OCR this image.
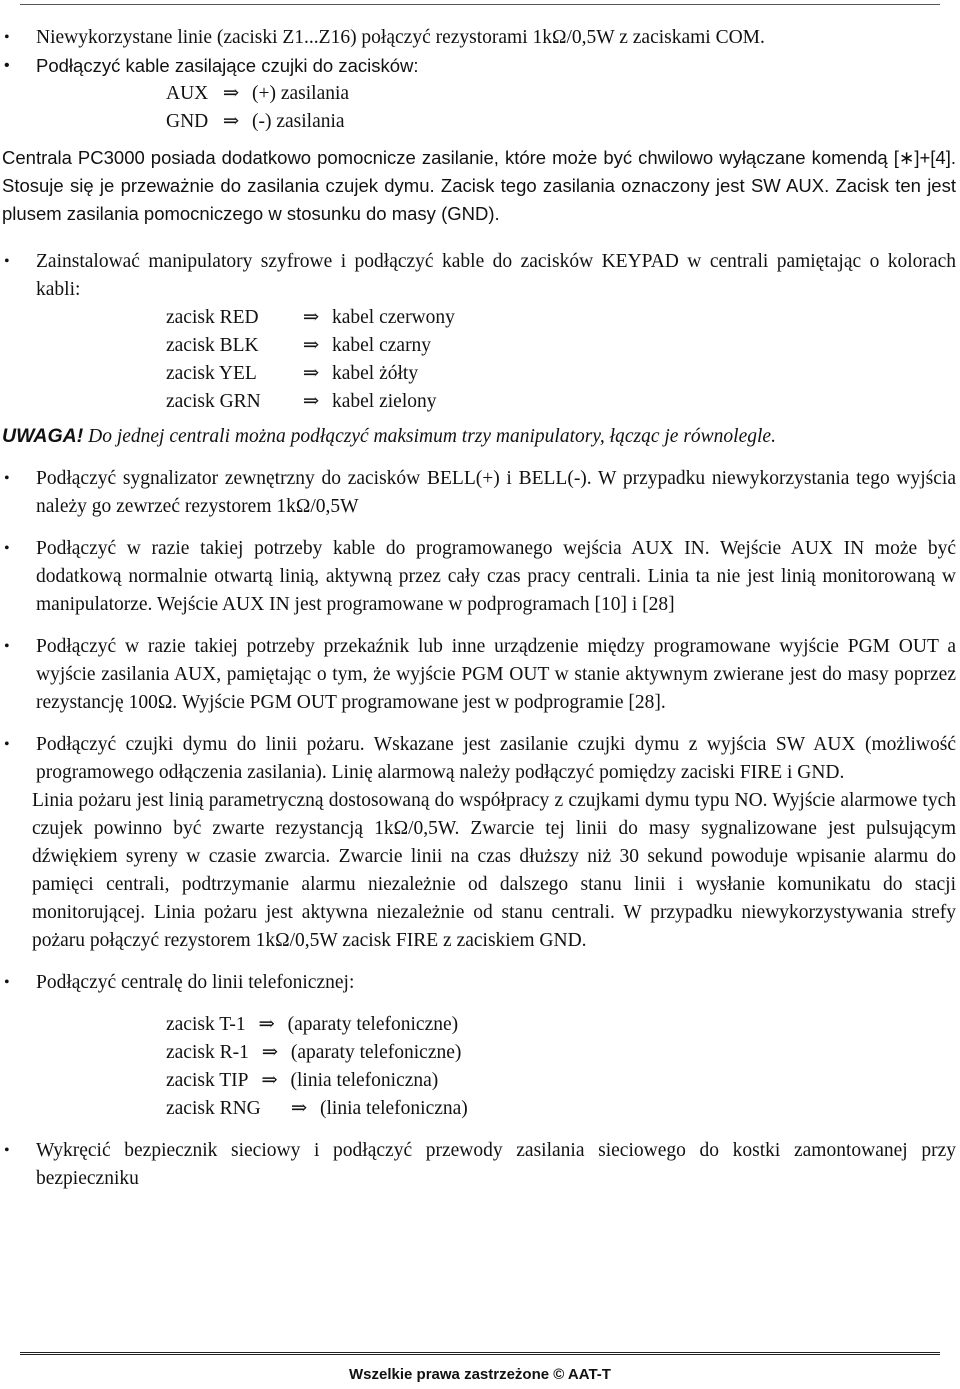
• Niewykorzystane linie (zaciski Z1...Z16) połączyć rezystorami 1kΩ/0,5W z zaciskami COM.
• Podłączyć kable zasilające czujki do zacisków:
AUX ⇒ (+) zasilania
GND ⇒ (-) zasilania
Centrala PC3000 posiada dodatkowo pomocnicze zasilanie, które może być chwilowo wyłączane komendą [∗]+[4]. Stosuje się je przeważnie do zasilania czujek dymu. Zacisk tego zasilania oznaczony jest SW AUX. Zacisk ten jest plusem zasilania pomocniczego w stosunku do masy (GND).
• Zainstalować manipulatory szyfrowe i podłączyć kable do zacisków KEYPAD w centrali pamiętając o kolorach kabli:
zacisk RED	⇒ kabel czerwony
zacisk BLK	⇒ kabel czarny
zacisk YEL	⇒ kabel żółty
zacisk GRN	⇒ kabel zielony
UWAGA! Do jednej centrali można podłączyć maksimum trzy manipulatory, łącząc je równolegle.
• Podłączyć sygnalizator zewnętrzny do zacisków BELL(+) i BELL(-). W przypadku niewykorzystania tego wyjścia należy go zewrzeć rezystorem 1kΩ/0,5W
• Podłączyć w razie takiej potrzeby kable do programowanego wejścia AUX IN. Wejście AUX IN może być dodatkową normalnie otwartą linią, aktywną przez cały czas pracy centrali. Linia ta nie jest linią monitorowaną w manipulatorze. Wejście AUX IN jest programowane w podprogramach [10] i [28]
• Podłączyć w razie takiej potrzeby przekaźnik lub inne urządzenie między programowane wyjście PGM OUT a wyjście zasilania AUX, pamiętając o tym, że wyjście PGM OUT w stanie aktywnym zwierane jest do masy poprzez rezystancję 100Ω. Wyjście PGM OUT programowane jest w podprogramie [28].
• Podłączyć czujki dymu do linii pożaru. Wskazane jest zasilanie czujki dymu z wyjścia SW AUX (możliwość programowego odłączenia zasilania). Linię alarmową należy podłączyć pomiędzy zaciski FIRE i GND.
Linia pożaru jest linią parametryczną dostosowaną do współpracy z czujkami dymu typu NO. Wyjście alarmowe tych czujek powinno być zwarte rezystancją 1kΩ/0,5W. Zwarcie tej linii do masy sygnalizowane jest pulsującym dźwiękiem syreny w czasie zwarcia. Zwarcie linii na czas dłuższy niż 30 sekund powoduje wpisanie alarmu do pamięci centrali, podtrzymanie alarmu niezależnie od dalszego stanu linii i wysłanie komunikatu do stacji monitorującej. Linia pożaru jest aktywna niezależnie od stanu centrali. W przypadku niewykorzystywania strefy pożaru połączyć rezystorem 1kΩ/0,5W zacisk FIRE z zaciskiem GND.
• Podłączyć centralę do linii telefonicznej:
zacisk T-1 ⇒ (aparaty telefoniczne)
zacisk R-1 ⇒ (aparaty telefoniczne)
zacisk TIP ⇒ (linia telefoniczna)
zacisk RNG	⇒ (linia telefoniczna)
• Wykręcić bezpiecznik sieciowy i podłączyć przewody zasilania sieciowego do kostki zamontowanej przy bezpieczniku
Wszelkie prawa zastrzeżone © AAT-T
